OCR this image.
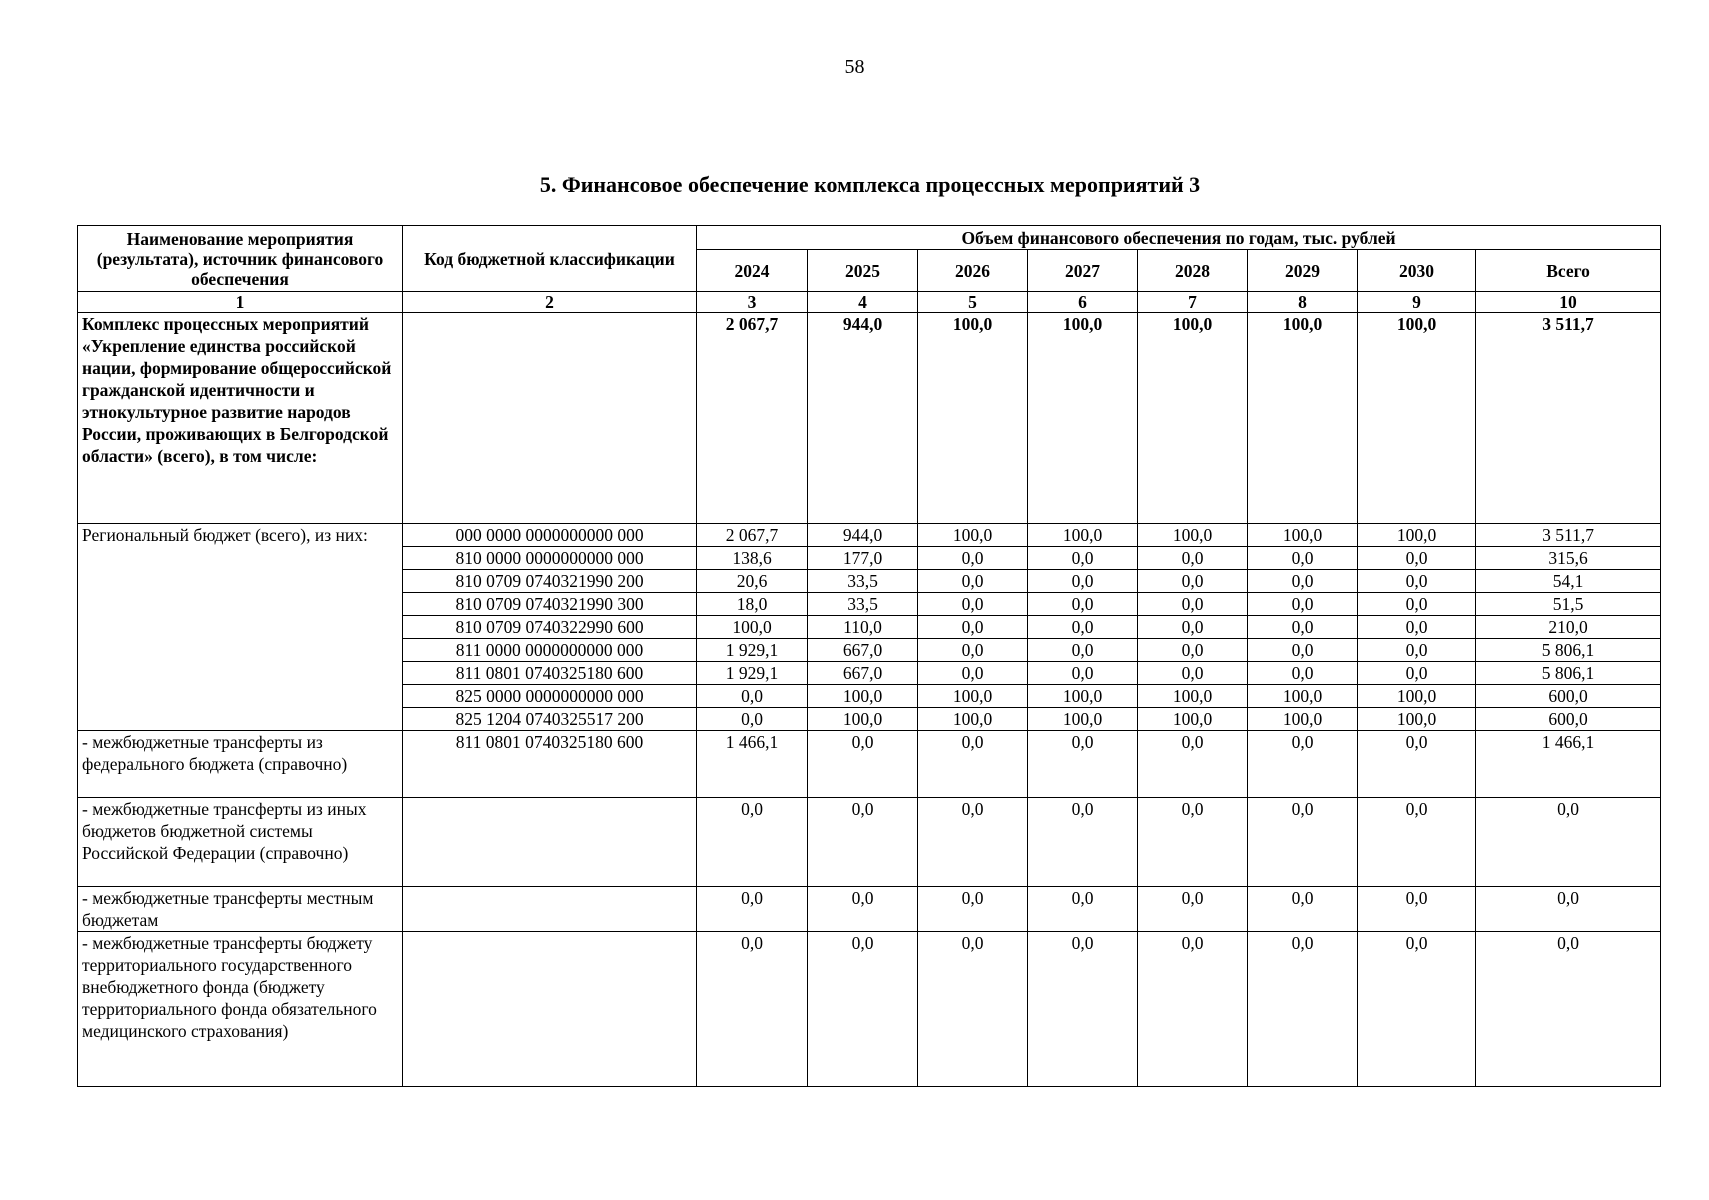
58
5. Финансовое обеспечение комплекса процессных мероприятий 3
Наименование мероприятия (результата), источник финансового обеспечения	Код бюджетной классификации	Объем финансового обеспечения по годам, тыс. рублей							
		2024	2025	2026	2027	2028	2029	2030	Всего
1	2	3	4	5	6	7	8	9	10
Комплекс процессных мероприятий «Укрепление единства российской нации, формирование общероссийской гражданской идентичности и этнокультурное развитие народов России, проживающих в Белгородской области» (всего), в том числе:		2 067,7	944,0	100,0	100,0	100,0	100,0	100,0	3 511,7
Региональный бюджет (всего), из них:	000 0000 0000000000 000	2 067,7	944,0	100,0	100,0	100,0	100,0	100,0	3 511,7
	810 0000 0000000000 000	138,6	177,0	0,0	0,0	0,0	0,0	0,0	315,6
	810 0709 0740321990 200	20,6	33,5	0,0	0,0	0,0	0,0	0,0	54,1
	810 0709 0740321990 300	18,0	33,5	0,0	0,0	0,0	0,0	0,0	51,5
	810 0709 0740322990 600	100,0	110,0	0,0	0,0	0,0	0,0	0,0	210,0
	811 0000 0000000000 000	1 929,1	667,0	0,0	0,0	0,0	0,0	0,0	5 806,1
	811 0801 0740325180 600	1 929,1	667,0	0,0	0,0	0,0	0,0	0,0	5 806,1
	825 0000 0000000000 000	0,0	100,0	100,0	100,0	100,0	100,0	100,0	600,0
	825 1204 0740325517 200	0,0	100,0	100,0	100,0	100,0	100,0	100,0	600,0
- межбюджетные трансферты из федерального бюджета (справочно)	811 0801 0740325180 600	1 466,1	0,0	0,0	0,0	0,0	0,0	0,0	1 466,1
- межбюджетные трансферты из иных бюджетов бюджетной системы Российской Федерации (справочно)		0,0	0,0	0,0	0,0	0,0	0,0	0,0	0,0
- межбюджетные трансферты местным бюджетам		0,0	0,0	0,0	0,0	0,0	0,0	0,0	0,0
- межбюджетные трансферты бюджету территориального государственного внебюджетного фонда (бюджету территориального фонда обязательного медицинского страхования)		0,0	0,0	0,0	0,0	0,0	0,0	0,0	0,0
